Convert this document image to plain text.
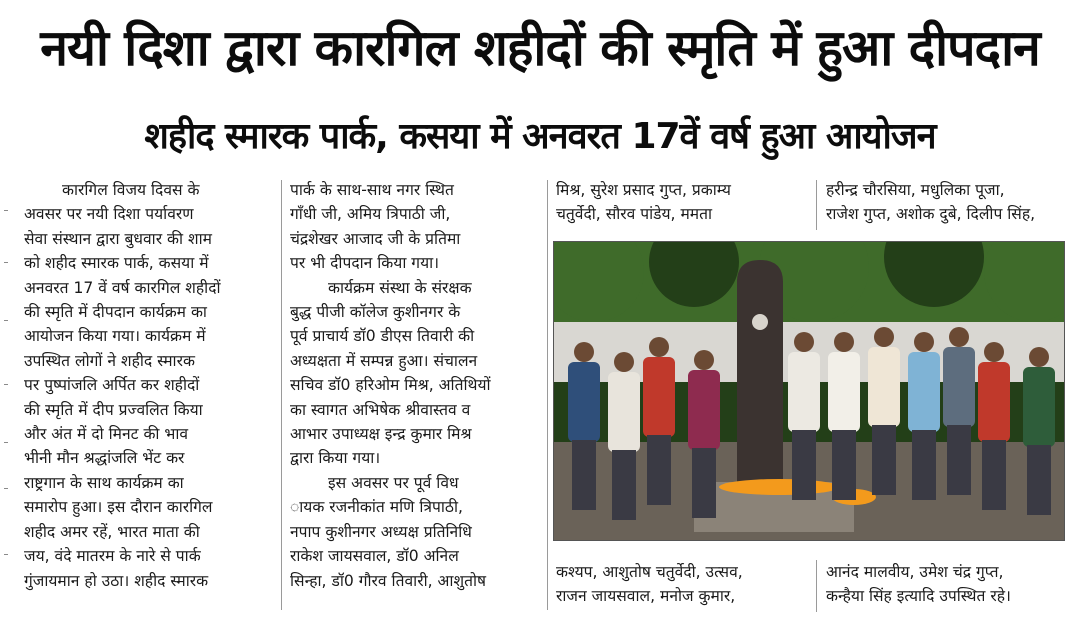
नयी दिशा द्वारा कारगिल शहीदों की स्मृति में हुआ दीपदान
शहीद स्मारक पार्क, कसया में अनवरत 17वें वर्ष हुआ आयोजन
कारगिल विजय दिवस के
अवसर पर नयी दिशा पर्यावरण
सेवा संस्थान द्वारा बुधवार की शाम
को शहीद स्मारक पार्क, कसया में
अनवरत 17 वें वर्ष कारगिल शहीदों
की स्मृति में दीपदान कार्यक्रम का
आयोजन किया गया। कार्यक्रम में
उपस्थित लोगों ने शहीद स्मारक
पर पुष्पांजलि अर्पित कर शहीदों
की स्मृति में दीप प्रज्वलित किया
और अंत में दो मिनट की भाव
भीनी मौन श्रद्धांजलि भेंट कर
राष्ट्रगान के साथ कार्यक्रम का
समारोप हुआ। इस दौरान कारगिल
शहीद अमर रहें, भारत माता की
जय, वंदे मातरम के नारे से पार्क
गुंजायमान हो उठा। शहीद स्मारक
पार्क के साथ-साथ नगर स्थित
गाँधी जी, अमिय त्रिपाठी जी,
चंद्रशेखर आजाद जी के प्रतिमा
पर भी दीपदान किया गया।
कार्यक्रम संस्था के संरक्षक
बुद्ध पीजी कॉलेज कुशीनगर के
पूर्व प्राचार्य डॉ0 डीएस तिवारी की
अध्यक्षता में सम्पन्न हुआ। संचालन
सचिव डॉ0 हरिओम मिश्र, अतिथियों
का स्वागत अभिषेक श्रीवास्तव व
आभार उपाध्यक्ष इन्द्र कुमार मिश्र
द्वारा किया गया।
इस अवसर पर पूर्व विध
ायक रजनीकांत मणि त्रिपाठी,
नपाप कुशीनगर अध्यक्ष प्रतिनिधि
राकेश जायसवाल, डॉ0 अनिल
सिन्हा, डॉ0 गौरव तिवारी, आशुतोष
मिश्र, सुरेश प्रसाद गुप्त, प्रकाम्य
चतुर्वेदी, सौरव पांडेय, ममता
हरीन्द्र चौरसिया, मधुलिका पूजा,
राजेश गुप्त, अशोक दुबे, दिलीप सिंह,
कश्यप, आशुतोष चतुर्वेदी, उत्सव,
राजन जायसवाल, मनोज कुमार,
आनंद मालवीय, उमेश चंद्र गुप्त,
कन्हैया सिंह इत्यादि उपस्थित रहे।
